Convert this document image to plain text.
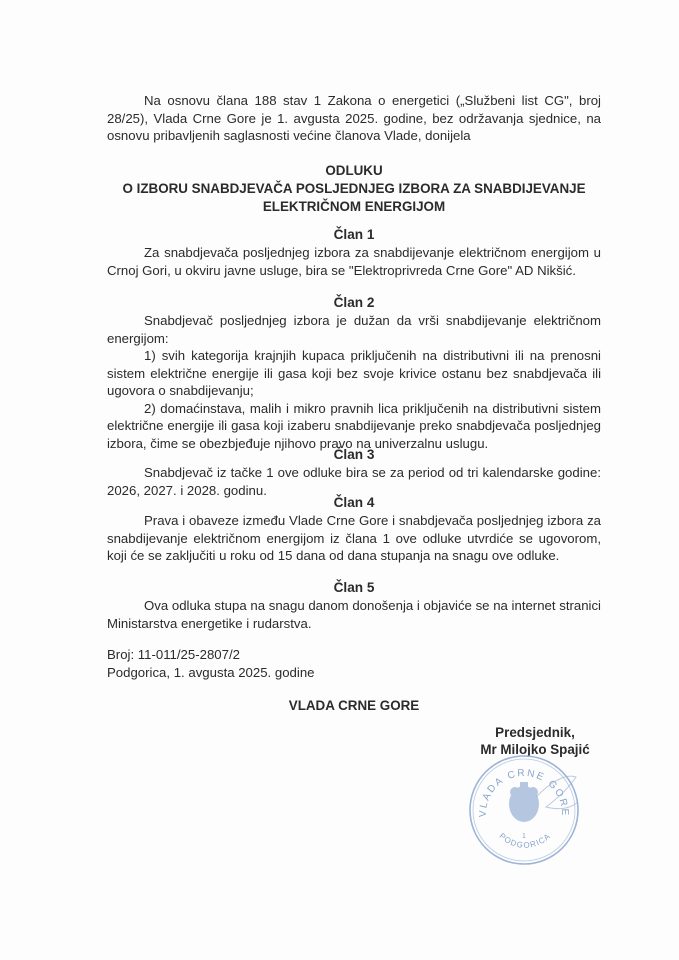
Na osnovu člana 188 stav 1 Zakona o energetici („Službeni list CG", broj 28/25), Vlada Crne Gore je 1. avgusta 2025. godine, bez održavanja sjednice, na osnovu pribavljenih saglasnosti većine članova Vlade, donijela

ODLUKU
O IZBORU SNABDJEVAČA POSLJEDNJEG IZBORA ZA SNABDIJEVANJE ELEKTRIČNOM ENERGIJOM
Član 1

Za snabdjevača posljednjeg izbora za snabdijevanje električnom energijom u Crnoj Gori, u okviru javne usluge, bira se "Elektroprivreda Crne Gore" AD Nikšić.

Član 2

Snabdjevač posljednjeg izbora je dužan da vrši snabdijevanje električnom energijom:

1) svih kategorija krajnjih kupaca priključenih na distributivni ili na prenosni sistem električne energije ili gasa koji bez svoje krivice ostanu bez snabdjevača ili ugovora o snabdijevanju;

2) domaćinstava, malih i mikro pravnih lica priključenih na distributivni sistem električne energije ili gasa koji izaberu snabdijevanje preko snabdjevača posljednjeg izbora, čime se obezbjeđuje njihovo pravo na univerzalnu uslugu.

Član 3

Snabdjevač iz tačke 1 ove odluke bira se za period od tri kalendarske godine: 2026, 2027. i 2028. godinu.

Član 4

Prava i obaveze između Vlade Crne Gore i snabdjevača posljednjeg izbora za snabdijevanje električnom energijom iz člana 1 ove odluke utvrdiće se ugovorom, koji će se zaključiti u roku od 15 dana od dana stupanja na snagu ove odluke.

Član 5

Ova odluka stupa na snagu danom donošenja i objaviće se na internet stranici Ministarstva energetike i rudarstva.

Broj: 11-011/25-2807/2
Podgorica, 1. avgusta 2025. godine
VLADA CRNE GORE
Predsjednik,
Mr Milojko Spajić
VLADA CRNE GORE
PODGORICA
1
